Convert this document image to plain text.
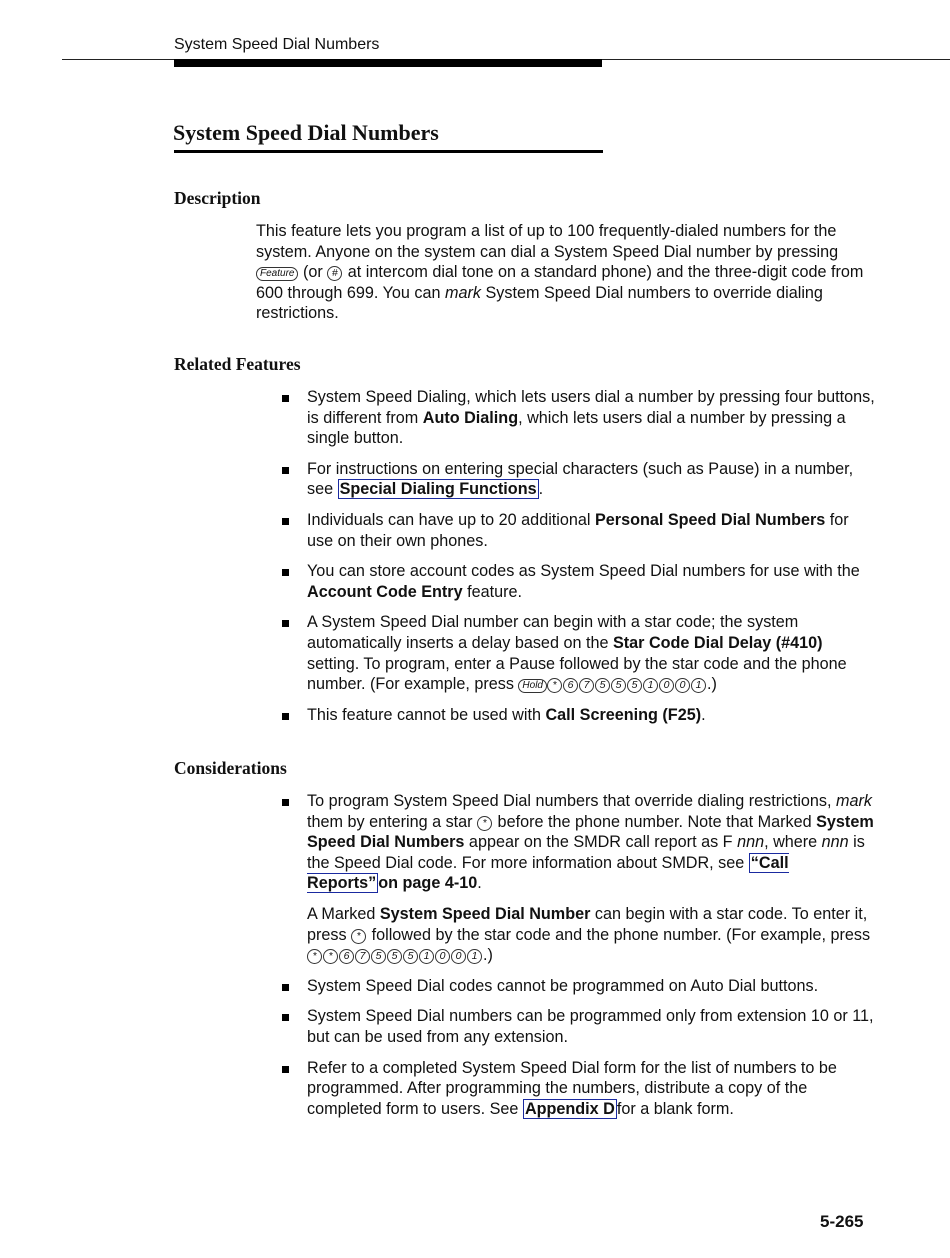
System Speed Dial Numbers
System Speed Dial Numbers
Description
This feature lets you program a list of up to 100 frequently-dialed numbers for the system. Anyone on the system can dial a System Speed Dial number by pressing Feature (or # at intercom dial tone on a standard phone) and the three-digit code from 600 through 699. You can mark System Speed Dial numbers to override dialing restrictions.
Related Features
System Speed Dialing, which lets users dial a number by pressing four buttons, is different from Auto Dialing, which lets users dial a number by pressing a single button.
For instructions on entering special characters (such as Pause) in a number, see Special Dialing Functions .
Individuals can have up to 20 additional Personal Speed Dial Numbers for use on their own phones.
You can store account codes as System Speed Dial numbers for use with the Account Code Entry feature.
A System Speed Dial number can begin with a star code; the system automatically inserts a delay based on the Star Code Dial Delay (#410) setting. To program, enter a Pause followed by the star code and the phone number. (For example, press Hold * 6 7 5 5 5 1 0 0 1 .)
This feature cannot be used with Call Screening (F25).
Considerations
To program System Speed Dial numbers that override dialing restrictions, mark them by entering a star * before the phone number. Note that Marked System Speed Dial Numbers appear on the SMDR call report as F nnn, where nnn is the Speed Dial code. For more information about SMDR, see “Call Reports” on page 4-10.
A Marked System Speed Dial Number can begin with a star code. To enter it, press * followed by the star code and the phone number. (For example, press * * 6 7 5 5 5 1 0 0 1 .)
System Speed Dial codes cannot be programmed on Auto Dial buttons.
System Speed Dial numbers can be programmed only from extension 10 or 11, but can be used from any extension.
Refer to a completed System Speed Dial form for the list of numbers to be programmed. After programming the numbers, distribute a copy of the completed form to users. See Appendix D for a blank form.
5-265
